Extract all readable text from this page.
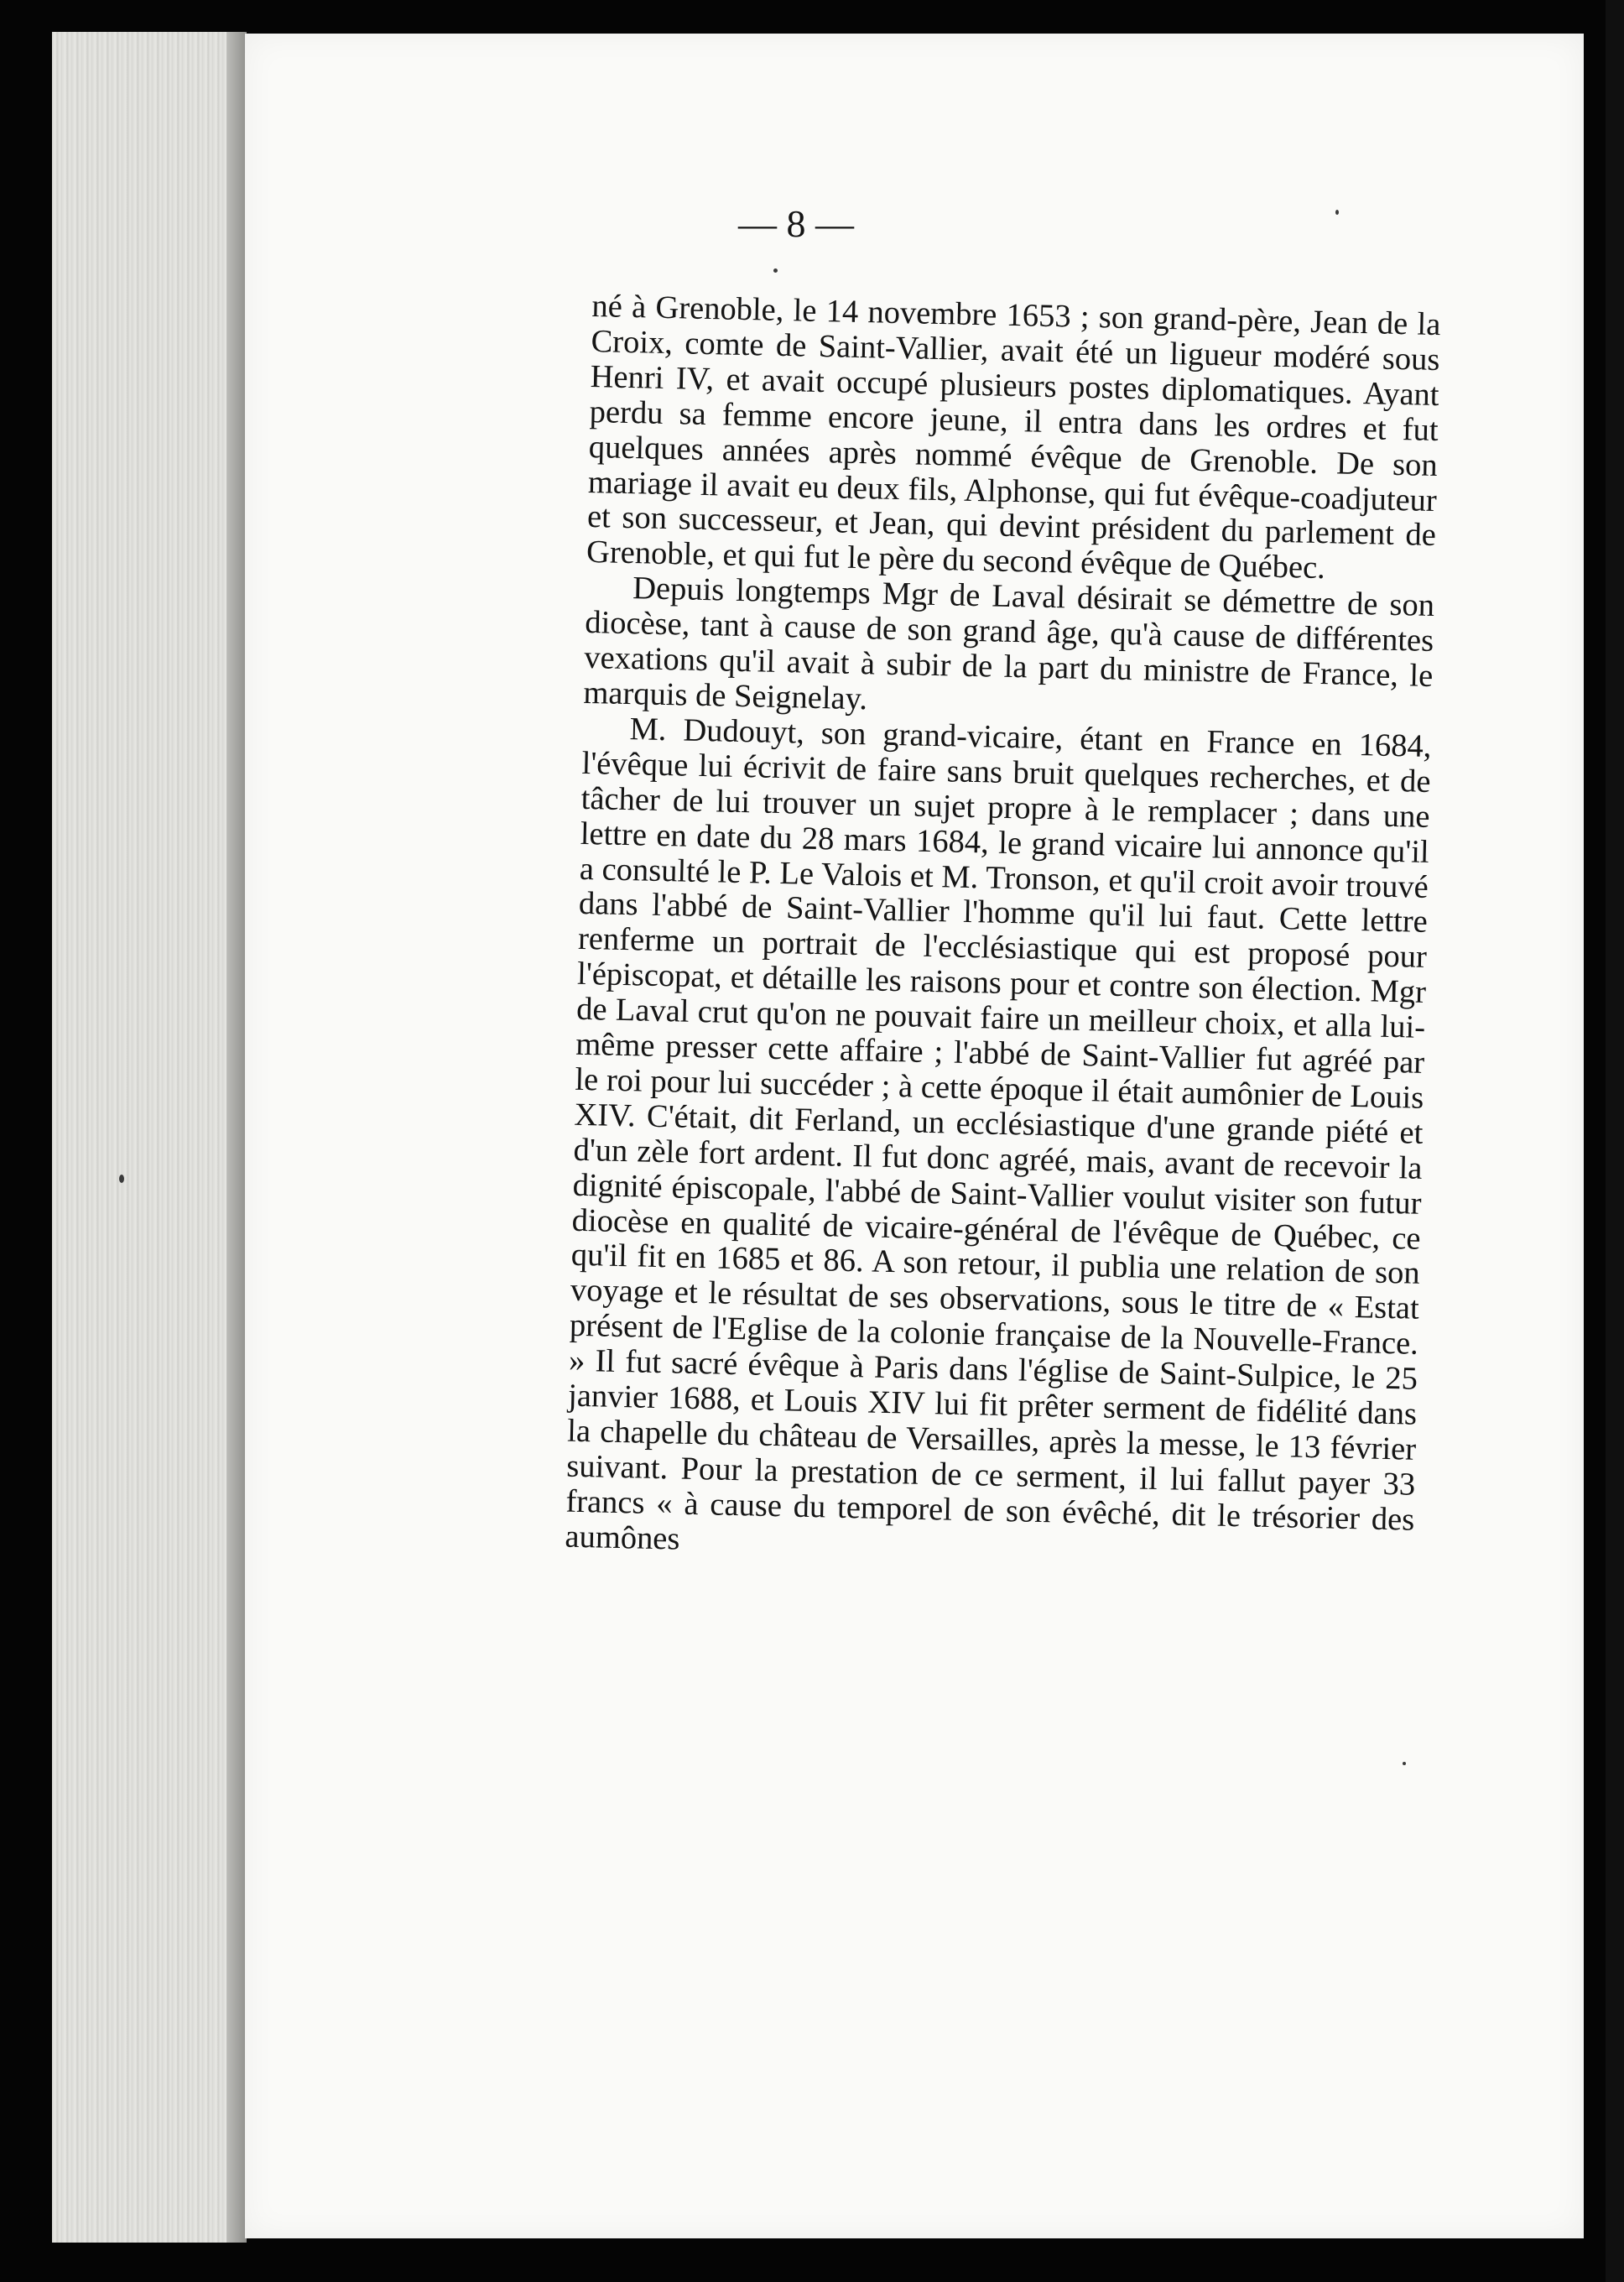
— 8 —

né à Grenoble, le 14 novembre 1653 ; son grand-père, Jean de la Croix, comte de Saint-Vallier, avait été un ligueur modéré sous Henri IV, et avait occupé plusieurs postes diplomatiques. Ayant perdu sa femme encore jeune, il entra dans les ordres et fut quelques années après nommé évêque de Grenoble. De son mariage il avait eu deux fils, Alphonse, qui fut évêque-coadjuteur et son successeur, et Jean, qui devint président du parlement de Grenoble, et qui fut le père du second évêque de Québec.

Depuis longtemps Mgr de Laval désirait se démettre de son diocèse, tant à cause de son grand âge, qu'à cause de différentes vexations qu'il avait à subir de la part du ministre de France, le marquis de Seignelay.

M. Dudouyt, son grand-vicaire, étant en France en 1684, l'évêque lui écrivit de faire sans bruit quelques recherches, et de tâcher de lui trouver un sujet propre à le remplacer ; dans une lettre en date du 28 mars 1684, le grand vicaire lui annonce qu'il a consulté le P. Le Valois et M. Tronson, et qu'il croit avoir trouvé dans l'abbé de Saint-Vallier l'homme qu'il lui faut. Cette lettre renferme un portrait de l'ecclésiastique qui est proposé pour l'épiscopat, et détaille les raisons pour et contre son élection. Mgr de Laval crut qu'on ne pouvait faire un meilleur choix, et alla lui-même presser cette affaire ; l'abbé de Saint-Vallier fut agréé par le roi pour lui succéder ; à cette époque il était aumônier de Louis XIV. C'était, dit Ferland, un ecclésiastique d'une grande piété et d'un zèle fort ardent. Il fut donc agréé, mais, avant de recevoir la dignité épiscopale, l'abbé de Saint-Vallier voulut visiter son futur diocèse en qualité de vicaire-général de l'évêque de Québec, ce qu'il fit en 1685 et 86. A son retour, il publia une relation de son voyage et le résultat de ses observations, sous le titre de « Estat présent de l'Eglise de la colonie française de la Nouvelle-France. » Il fut sacré évêque à Paris dans l'église de Saint-Sulpice, le 25 janvier 1688, et Louis XIV lui fit prêter serment de fidélité dans la chapelle du château de Versailles, après la messe, le 13 février suivant. Pour la prestation de ce serment, il lui fallut payer 33 francs « à cause du temporel de son évêché, dit le trésorier des aumônes
